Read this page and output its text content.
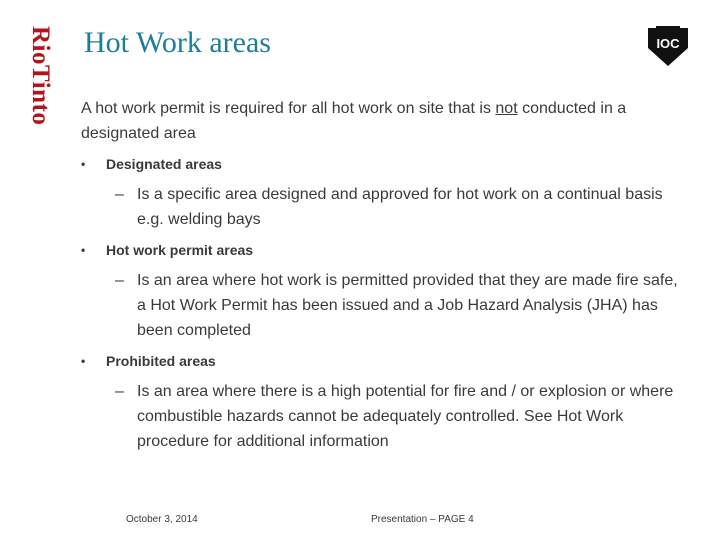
RioTinto Hot Work areas	IOC

A hot work permit is required for all hot work on site that is not conducted in a designated area

• Designated areas

– Is a specific area designed and approved for hot work on a continual basis e.g. welding bays

• Hot work permit areas

– Is an area where hot work is permitted provided that they are made fire safe, a Hot Work Permit has been issued and a Job Hazard Analysis (JHA) has been completed

• Prohibited areas

– Is an area where there is a high potential for fire and / or explosion or where combustible hazards cannot be adequately controlled. See Hot Work procedure for additional information

October 3, 2014	Presentation – PAGE 4
